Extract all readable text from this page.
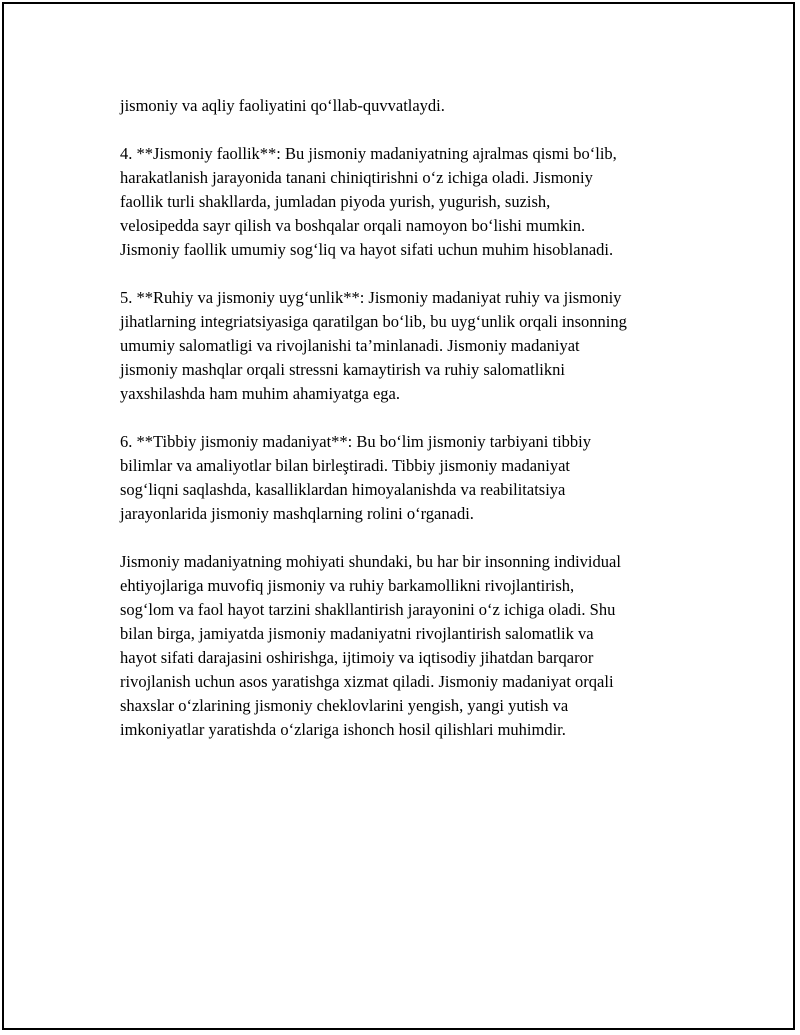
jismoniy va aqliy faoliyatini qo‘llab-quvvatlaydi.

4. **Jismoniy faollik**: Bu jismoniy madaniyatning ajralmas qismi bo‘lib,
harakatlanish jarayonida tanani chiniqtirishni o‘z ichiga oladi. Jismoniy
faollik turli shakllarda, jumladan piyoda yurish, yugurish, suzish,
velosipedda sayr qilish va boshqalar orqali namoyon bo‘lishi mumkin.
Jismoniy faollik umumiy sog‘liq va hayot sifati uchun muhim hisoblanadi.

5. **Ruhiy va jismoniy uyg‘unlik**: Jismoniy madaniyat ruhiy va jismoniy
jihatlarning integriatsiyasiga qaratilgan bo‘lib, bu uyg‘unlik orqali insonning
umumiy salomatligi va rivojlanishi ta’minlanadi. Jismoniy madaniyat
jismoniy mashqlar orqali stressni kamaytirish va ruhiy salomatlikni
yaxshilashda ham muhim ahamiyatga ega.

6. **Tibbiy jismoniy madaniyat**: Bu bo‘lim jismoniy tarbiyani tibbiy
bilimlar va amaliyotlar bilan birleştiradi. Tibbiy jismoniy madaniyat
sog‘liqni saqlashda, kasalliklardan himoyalanishda va reabilitatsiya
jarayonlarida jismoniy mashqlarning rolini o‘rganadi.

Jismoniy madaniyatning mohiyati shundaki, bu har bir insonning individual
ehtiyojlariga muvofiq jismoniy va ruhiy barkamollikni rivojlantirish,
sog‘lom va faol hayot tarzini shakllantirish jarayonini o‘z ichiga oladi. Shu
bilan birga, jamiyatda jismoniy madaniyatni rivojlantirish salomatlik va
hayot sifati darajasini oshirishga, ijtimoiy va iqtisodiy jihatdan barqaror
rivojlanish uchun asos yaratishga xizmat qiladi. Jismoniy madaniyat orqali
shaxslar o‘zlarining jismoniy cheklovlarini yengish, yangi yutish va
imkoniyatlar yaratishda o‘zlariga ishonch hosil qilishlari muhimdir.
